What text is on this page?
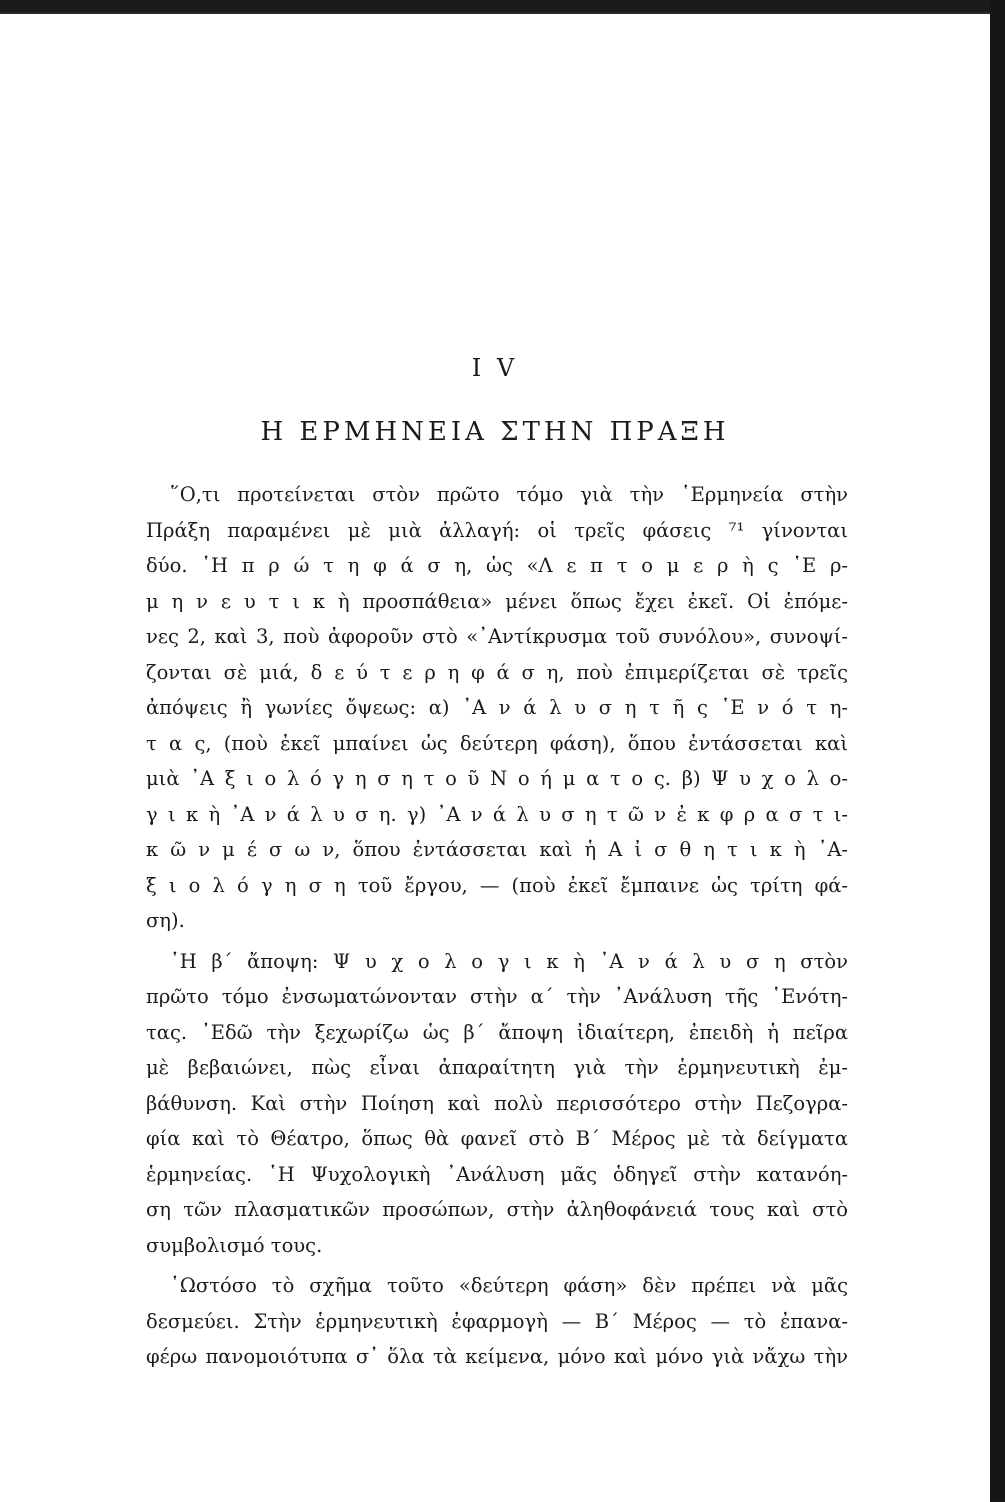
I V
Η ΕΡΜΗΝΕΙΑ ΣΤΗΝ ΠΡΑΞΗ
῞Ο,τι προτείνεται στὸν πρῶτο τόμο γιὰ τὴν ῾Ερμηνεία στὴν
Πράξη παραμένει μὲ μιὰ ἀλλαγή: οἱ τρεῖς φάσεις ⁷¹ γίνονται
δύο. ῾Η π ρ ώ τ η φ ά σ η, ὡς «Λ ε π τ ο μ ε ρ ὴ ς ῾Ε ρ-
μ η ν ε υ τ ι κ ὴ προσπάθεια» μένει ὅπως ἔχει ἐκεῖ. Οἱ ἑπόμε-
νες 2, καὶ 3, ποὺ ἀφοροῦν στὸ «᾿Αντίκρυσμα τοῦ συνόλου», συνοψί-
ζονται σὲ μιά, δ ε ύ τ ε ρ η φ ά σ η, ποὺ ἐπιμερίζεται σὲ τρεῖς
ἀπόψεις ἢ γωνίες ὄψεως: α) ᾿Α ν ά λ υ σ η τ ῆ ς ῾Ε ν ό τ η-
τ α ς, (ποὺ ἐκεῖ μπαίνει ὡς δεύτερη φάση), ὅπου ἐντάσσεται καὶ
μιὰ ᾿Α ξ ι ο λ ό γ η σ η τ ο ῦ Ν ο ή μ α τ ο ς. β) Ψ υ χ ο λ ο-
γ ι κ ὴ ᾿Α ν ά λ υ σ η. γ) ᾿Α ν ά λ υ σ η τ ῶ ν ἐ κ φ ρ α σ τ ι-
κ ῶ ν μ έ σ ω ν, ὅπου ἐντάσσεται καὶ ἡ Α ἰ σ θ η τ ι κ ὴ ᾿Α-
ξ ι ο λ ό γ η σ η τοῦ ἔργου, — (ποὺ ἐκεῖ ἔμπαινε ὡς τρίτη φά-
ση).
῾Η β΄ ἄποψη: Ψ υ χ ο λ ο γ ι κ ὴ ᾿Α ν ά λ υ σ η στὸν
πρῶτο τόμο ἐνσωματώνονταν στὴν α΄ τὴν ᾿Ανάλυση τῆς ῾Ενότη-
τας. ᾿Εδῶ τὴν ξεχωρίζω ὡς β΄ ἄποψη ἰδιαίτερη, ἐπειδὴ ἡ πεῖρα
μὲ βεβαιώνει, πὼς εἶναι ἀπαραίτητη γιὰ τὴν ἑρμηνευτικὴ ἐμ-
βάθυνση. Καὶ στὴν Ποίηση καὶ πολὺ περισσότερο στὴν Πεζογρα-
φία καὶ τὸ Θέατρο, ὅπως θὰ φανεῖ στὸ Β΄ Μέρος μὲ τὰ δείγματα
ἑρμηνείας. ῾Η Ψυχολογικὴ ᾿Ανάλυση μᾶς ὁδηγεῖ στὴν κατανόη-
ση τῶν πλασματικῶν προσώπων, στὴν ἀληθοφάνειά τους καὶ στὸ
συμβολισμό τους.
῾Ωστόσο τὸ σχῆμα τοῦτο «δεύτερη φάση» δὲν πρέπει νὰ μᾶς
δεσμεύει. Στὴν ἑρμηνευτικὴ ἐφαρμογὴ — Β΄ Μέρος — τὸ ἐπανα-
φέρω πανομοιότυπα σ᾿ ὅλα τὰ κείμενα, μόνο καὶ μόνο γιὰ νἄχω τὴν
